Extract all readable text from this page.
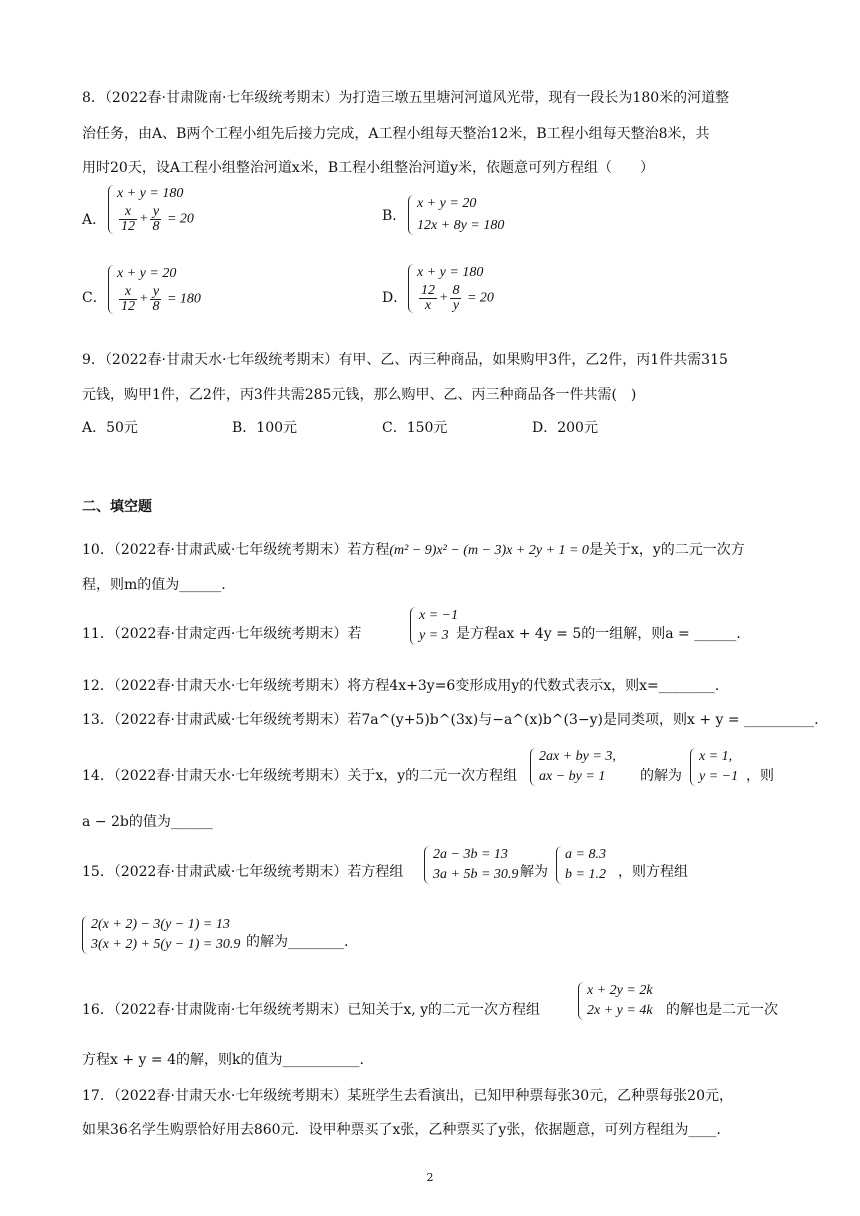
8．（2022春·甘肃陇南·七年级统考期末）为打造三墩五里塘河河道风光带，现有一段长为180米的河道整
治任务，由A、B两个工程小组先后接力完成，A工程小组每天整治12米，B工程小组每天整治8米，共
用时20天，设A工程小组整治河道x米，B工程小组整治河道y米，依题意可列方程组（　　）
A．
x + y = 180
$\frac{x}{12} + \frac{y}{8} = 20$	B．
x + y = 20
12x + 8y = 180
C．
x + y = 20
$\frac{x}{12} + \frac{y}{8} = 180$	D．
x + y = 180
$\frac{12}{x} + \frac{8}{y} = 20$
9．（2022春·甘肃天水·七年级统考期末）有甲、乙、丙三种商品，如果购甲3件，乙2件，丙1件共需315
元钱，购甲1件，乙2件，丙3件共需285元钱，那么购甲、乙、丙三种商品各一件共需(　)
A．50元	B．100元	C．150元	D．200元
二、填空题
10．（2022春·甘肃武威·七年级统考期末）若方程(m² − 9)x² − (m − 3)x + 2y + 1 = 0是关于x，y的二元一次方
程，则m的值为______.
11．（2022春·甘肃定西·七年级统考期末）若
x = −1
y = 3 是方程ax + 4y = 5的一组解，则a = ______.
12．（2022春·甘肃天水·七年级统考期末）将方程4x+3y=6变形成用y的代数式表示x，则x=________.
13．（2022春·甘肃武威·七年级统考期末）若7a^(y+5)b^(3x)与−a^(x)b^(3−y)是同类项，则x + y = __________.
14．（2022春·甘肃天水·七年级统考期末）关于x，y的二元一次方程组
2ax + by = 3,
ax − by = 1	的解为
x = 1,
y = −1 ，则
a − 2b的值为______
15．（2022春·甘肃武威·七年级统考期末）若方程组
2a − 3b = 13
3a + 5b = 30.9 解为
a = 8.3
b = 1.2 ，则方程组
2(x + 2) − 3(y − 1) = 13
3(x + 2) + 5(y − 1) = 30.9 的解为________.
16．（2022春·甘肃陇南·七年级统考期末）已知关于x, y的二元一次方程组
x + 2y = 2k
2x + y = 4k 的解也是二元一次
方程x + y = 4的解，则k的值为___________.
17．（2022春·甘肃天水·七年级统考期末）某班学生去看演出，已知甲种票每张30元，乙种票每张20元，
如果36名学生购票恰好用去860元．设甲种票买了x张，乙种票买了y张，依据题意，可列方程组为____.
2
